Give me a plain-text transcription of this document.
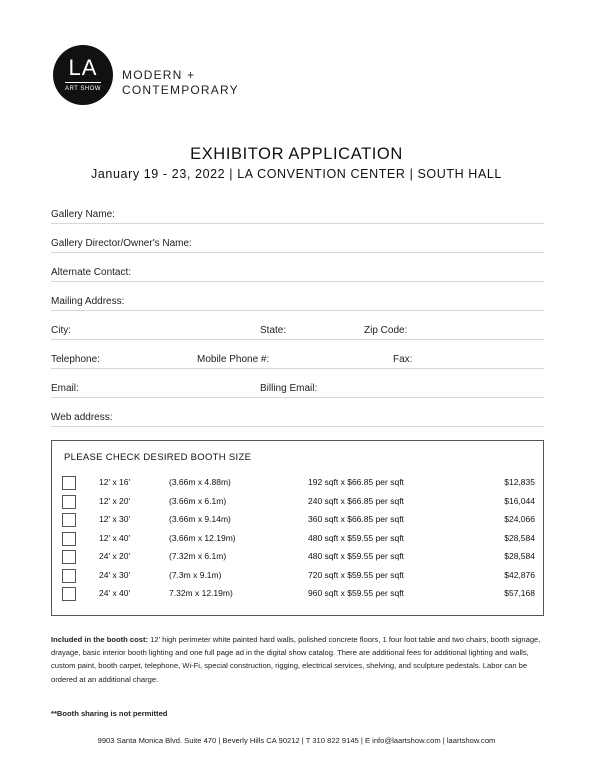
LA
ART SHOW
MODERN +
CONTEMPORARY
EXHIBITOR APPLICATION
January 19 - 23, 2022 | LA CONVENTION CENTER | SOUTH HALL
Gallery Name:
Gallery Director/Owner's Name:
Alternate Contact:
Mailing Address:
City:	State:	Zip Code:
Telephone:	Mobile Phone #:	Fax:
Email:	Billing Email:
Web address:
PLEASE CHECK DESIRED BOOTH SIZE
12' x 16'	(3.66m x 4.88m)	192 sqft x $66.85 per sqft	$12,835
12' x 20'	(3.66m x 6.1m)	240 sqft x $66.85 per sqft	$16,044
12' x 30'	(3.66m x 9.14m)	360 sqft x $66.85 per sqft	$24,066
12' x 40'	(3.66m x 12.19m)	480 sqft x $59.55 per sqft	$28,584
24' x 20'	(7.32m x 6.1m)	480 sqft x $59.55 per sqft	$28,584
24' x 30'	(7.3m x 9.1m)	720 sqft x $59.55 per sqft	$42,876
24' x 40'	7.32m x 12.19m)	960 sqft x $59.55 per sqft	$57,168
Included in the booth cost: 12' high perimeter white painted hard walls, polished concrete floors, 1 four foot table and two chairs, booth signage, drayage, basic interior booth lighting and one full page ad in the digital show catalog. There are additional fees for additional lighting and walls, custom paint, booth carpet, telephone, Wi-Fi, special construction, rigging, electrical services, shelving, and sculpture pedestals. Labor can be ordered at an additional charge.
**Booth sharing is not permitted
9903 Santa Monica Blvd. Suite 470 | Beverly Hills CA 90212 | T 310 822 9145 | E info@laartshow.com | laartshow.com
